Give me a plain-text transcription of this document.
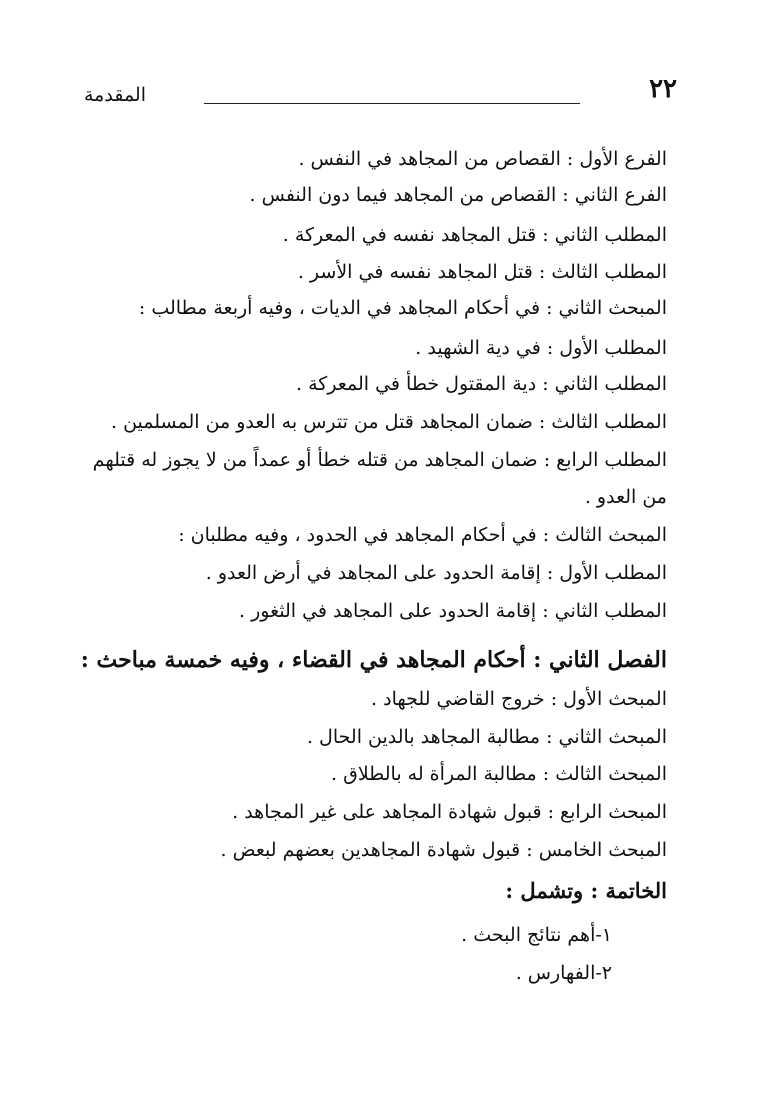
٢٢
المقدمة
الفرع الأول : القصاص من المجاهد في النفس .
الفرع الثاني : القصاص من المجاهد فيما دون النفس .
المطلب الثاني : قتل المجاهد نفسه في المعركة .
المطلب الثالث : قتل المجاهد نفسه في الأسر .
المبحث الثاني : في أحكام المجاهد في الديات ، وفيه أربعة مطالب :
المطلب الأول : في دية الشهيد .
المطلب الثاني : دية المقتول خطأ في المعركة .
المطلب الثالث : ضمان المجاهد قتل من تترس به العدو من المسلمين .
المطلب الرابع : ضمان المجاهد من قتله خطأ أو عمداً من لا يجوز له قتلهم
من العدو .
المبحث الثالث : في أحكام المجاهد في الحدود ، وفيه مطلبان :
المطلب الأول : إقامة الحدود على المجاهد في أرض العدو .
المطلب الثاني : إقامة الحدود على المجاهد في الثغور .
الفصل الثاني : أحكام المجاهد في القضاء ، وفيه خمسة مباحث :
المبحث الأول : خروج القاضي للجهاد .
المبحث الثاني : مطالبة المجاهد بالدين الحال .
المبحث الثالث : مطالبة المرأة له بالطلاق .
المبحث الرابع : قبول شهادة المجاهد على غير المجاهد .
المبحث الخامس : قبول شهادة المجاهدين بعضهم لبعض .
الخاتمة : وتشمل :
١-أهم نتائج البحث .
٢-الفهارس .
